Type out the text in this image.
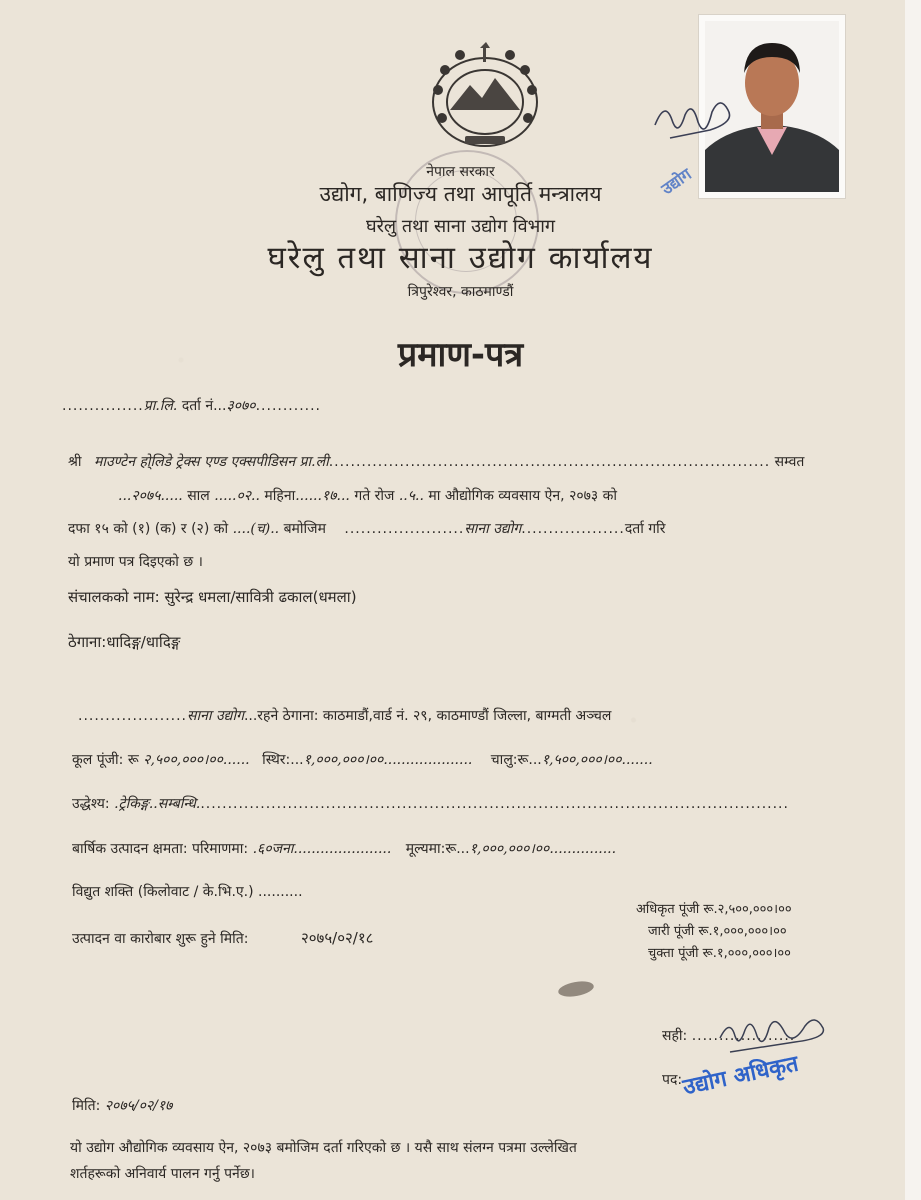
उद्योग
नेपाल सरकार
उद्योग, बाणिज्य तथा आपूर्ति मन्त्रालय
घरेलु तथा साना उद्योग विभाग
घरेलु तथा साना उद्योग कार्यालय
त्रिपुरेश्वर, काठमाण्डौं
प्रमाण-पत्र
...............प्रा.लि. दर्ता नं...३०७०............
श्री माउण्टेन हो्लिडे ट्रेक्स एण्ड एक्सपीडिसन प्रा.ली................................................................................. सम्वत
...२०७५..... साल .....०२.. महिना......१७... गते रोज ..५.. मा औद्योगिक व्यवसाय ऐन, २०७३ को
दफा १५ को (१) (क) र (२) को ....(च).. बमोजिम ......................साना उद्योग...................दर्ता गरि
यो प्रमाण पत्र दिइएको छ ।
संचालकको नाम: सुरेन्द्र धमला/सावित्री ढकाल(धमला)
ठेगाना:धादिङ्ग/धादिङ्ग
....................साना उद्योग...रहने ठेगाना: काठमाडौं,वार्ड नं. २९, काठमाण्डौं जिल्ला, बाग्मती अञ्चल
कूल पूंजी: रू २,५००,०००।००...... स्थिर:...१,०००,०००।००.................... चालु:रू...१,५००,०००।००.......
उद्धेश्य: .ट्रेकिङ्ग..सम्बन्धि.............................................................................................................
बार्षिक उत्पादन क्षमता: परिमाणमा: .६०जना...................... मूल्यमा:रू...१,०००,०००।००...............
विद्युत शक्ति (किलोवाट / के.भि.ए.) ..........
उत्पादन वा कारोबार शुरू हुने मिति:	२०७५/०२/१८
अधिकृत पूंजी रू.२,५००,०००।००
जारी पूंजी रू.१,०००,०००।००
चुक्ता पूंजी रू.१,०००,०००।००
सही: ...................
पद:
उद्योग अधिकृत
मिति: २०७५/०२/१७
यो उद्योग औद्योगिक व्यवसाय ऐन, २०७३ बमोजिम दर्ता गरिएको छ । यसै साथ संलग्न पत्रमा उल्लेखित
शर्तहरूको अनिवार्य पालन गर्नु पर्नेछ।
